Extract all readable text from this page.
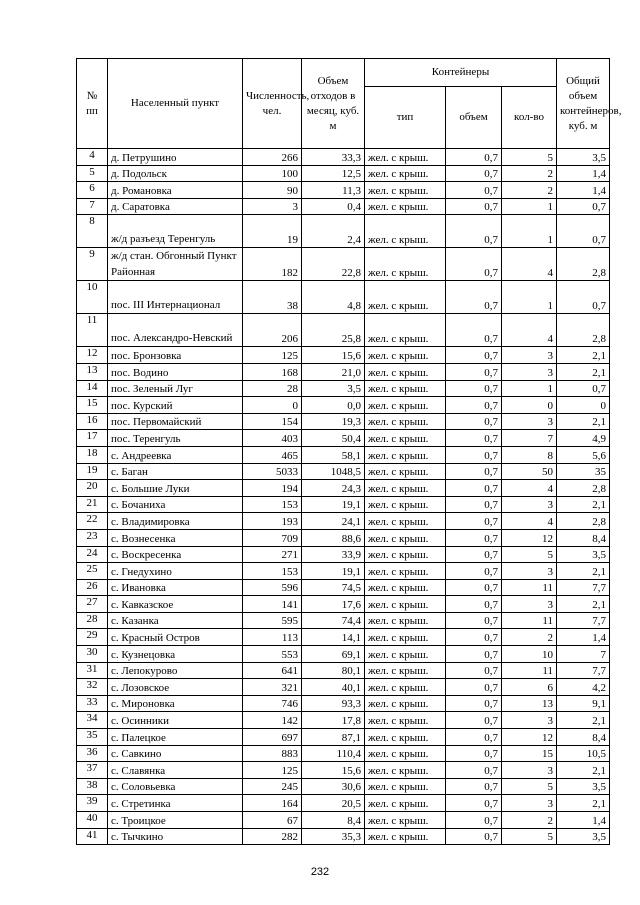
№ пп	Населенный пункт	Численность, чел.	Объем отходов в месяц, куб. м	Контейнеры			Общий объем контейнеров, куб. м
				тип	объем	кол-во	
4	д. Петрушино	266	33,3	жел. с крыш.	0,7	5	3,5
5	д. Подольск	100	12,5	жел. с крыш.	0,7	2	1,4
6	д. Романовка	90	11,3	жел. с крыш.	0,7	2	1,4
7	д. Саратовка	3	0,4	жел. с крыш.	0,7	1	0,7
8	ж/д разъезд Теренгуль	19	2,4	жел. с крыш.	0,7	1	0,7
9	ж/д стан. Обгонный Пункт Районная	182	22,8	жел. с крыш.	0,7	4	2,8
10	пос. III Интернационал	38	4,8	жел. с крыш.	0,7	1	0,7
11	пос. Александро-Невский	206	25,8	жел. с крыш.	0,7	4	2,8
12	пос. Бронзовка	125	15,6	жел. с крыш.	0,7	3	2,1
13	пос. Водино	168	21,0	жел. с крыш.	0,7	3	2,1
14	пос. Зеленый Луг	28	3,5	жел. с крыш.	0,7	1	0,7
15	пос. Курский	0	0,0	жел. с крыш.	0,7	0	0
16	пос. Первомайский	154	19,3	жел. с крыш.	0,7	3	2,1
17	пос. Теренгуль	403	50,4	жел. с крыш.	0,7	7	4,9
18	с. Андреевка	465	58,1	жел. с крыш.	0,7	8	5,6
19	с. Баган	5033	1048,5	жел. с крыш.	0,7	50	35
20	с. Большие Луки	194	24,3	жел. с крыш.	0,7	4	2,8
21	с. Бочаниха	153	19,1	жел. с крыш.	0,7	3	2,1
22	с. Владимировка	193	24,1	жел. с крыш.	0,7	4	2,8
23	с. Вознесенка	709	88,6	жел. с крыш.	0,7	12	8,4
24	с. Воскресенка	271	33,9	жел. с крыш.	0,7	5	3,5
25	с. Гнедухино	153	19,1	жел. с крыш.	0,7	3	2,1
26	с. Ивановка	596	74,5	жел. с крыш.	0,7	11	7,7
27	с. Кавказское	141	17,6	жел. с крыш.	0,7	3	2,1
28	с. Казанка	595	74,4	жел. с крыш.	0,7	11	7,7
29	с. Красный Остров	113	14,1	жел. с крыш.	0,7	2	1,4
30	с. Кузнецовка	553	69,1	жел. с крыш.	0,7	10	7
31	с. Лепокурово	641	80,1	жел. с крыш.	0,7	11	7,7
32	с. Лозовское	321	40,1	жел. с крыш.	0,7	6	4,2
33	с. Мироновка	746	93,3	жел. с крыш.	0,7	13	9,1
34	с. Осинники	142	17,8	жел. с крыш.	0,7	3	2,1
35	с. Палецкое	697	87,1	жел. с крыш.	0,7	12	8,4
36	с. Савкино	883	110,4	жел. с крыш.	0,7	15	10,5
37	с. Славянка	125	15,6	жел. с крыш.	0,7	3	2,1
38	с. Соловьевка	245	30,6	жел. с крыш.	0,7	5	3,5
39	с. Стретинка	164	20,5	жел. с крыш.	0,7	3	2,1
40	с. Троицкое	67	8,4	жел. с крыш.	0,7	2	1,4
41	с. Тычкино	282	35,3	жел. с крыш.	0,7	5	3,5
232
